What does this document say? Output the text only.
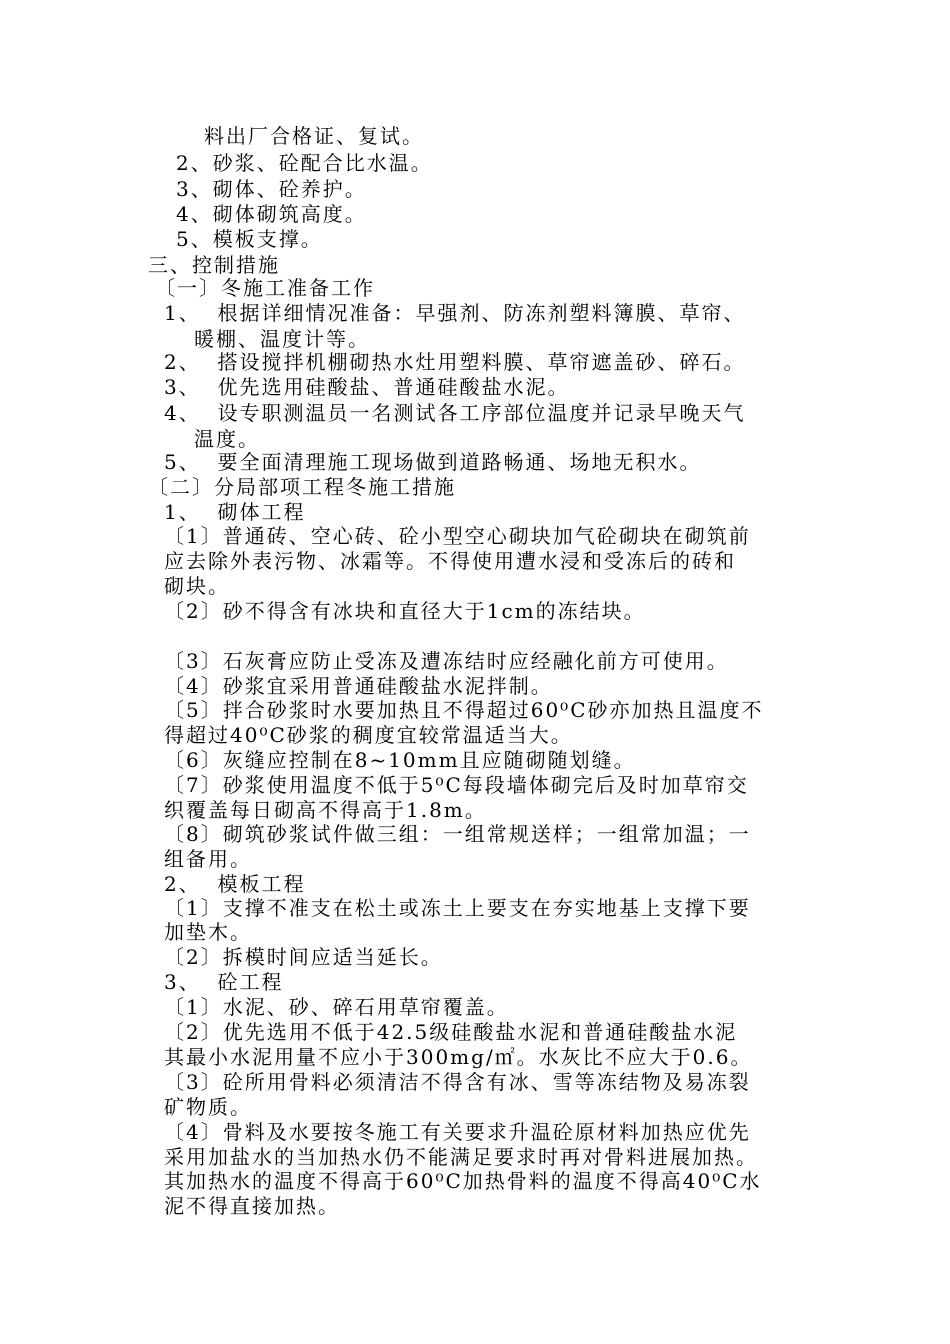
料出厂合格证、复试。
2、砂浆、砼配合比水温。
3、砌体、砼养护。
4、砌体砌筑高度。
5、模板支撑。
三、控制措施
〔一〕冬施工准备工作
1、  根据详细情况准备：早强剂、防冻剂塑料簿膜、草帘、
暖棚、温度计等。
2、  搭设搅拌机棚砌热水灶用塑料膜、草帘遮盖砂、碎石。
3、  优先选用硅酸盐、普通硅酸盐水泥。
4、  设专职测温员一名测试各工序部位温度并记录早晚天气
温度。
5、  要全面清理施工现场做到道路畅通、场地无积水。
〔二〕分局部项工程冬施工措施
1、  砌体工程
〔1〕普通砖、空心砖、砼小型空心砌块加气砼砌块在砌筑前
应去除外表污物、冰霜等。不得使用遭水浸和受冻后的砖和
砌块。
〔2〕砂不得含有冰块和直径大于1cm的冻结块。
〔3〕石灰膏应防止受冻及遭冻结时应经融化前方可使用。
〔4〕砂浆宜采用普通硅酸盐水泥拌制。
〔5〕拌合砂浆时水要加热且不得超过60⁰C砂亦加热且温度不
得超过40⁰C砂浆的稠度宜较常温适当大。
〔6〕灰缝应控制在8~10mm且应随砌随划缝。
〔7〕砂浆使用温度不低于5⁰C每段墙体砌完后及时加草帘交
织覆盖每日砌高不得高于1.8m。
〔8〕砌筑砂浆试件做三组：一组常规送样；一组常加温；一
组备用。
2、  模板工程
〔1〕支撑不准支在松土或冻土上要支在夯实地基上支撑下要
加垫木。
〔2〕拆模时间应适当延长。
3、  砼工程
〔1〕水泥、砂、碎石用草帘覆盖。
〔2〕优先选用不低于42.5级硅酸盐水泥和普通硅酸盐水泥
其最小水泥用量不应小于300mg/㎡。水灰比不应大于0.6。
〔3〕砼所用骨料必须清洁不得含有冰、雪等冻结物及易冻裂
矿物质。
〔4〕骨料及水要按冬施工有关要求升温砼原材料加热应优先
采用加盐水的当加热水仍不能满足要求时再对骨料进展加热。
其加热水的温度不得高于60⁰C加热骨料的温度不得高40⁰C水
泥不得直接加热。
